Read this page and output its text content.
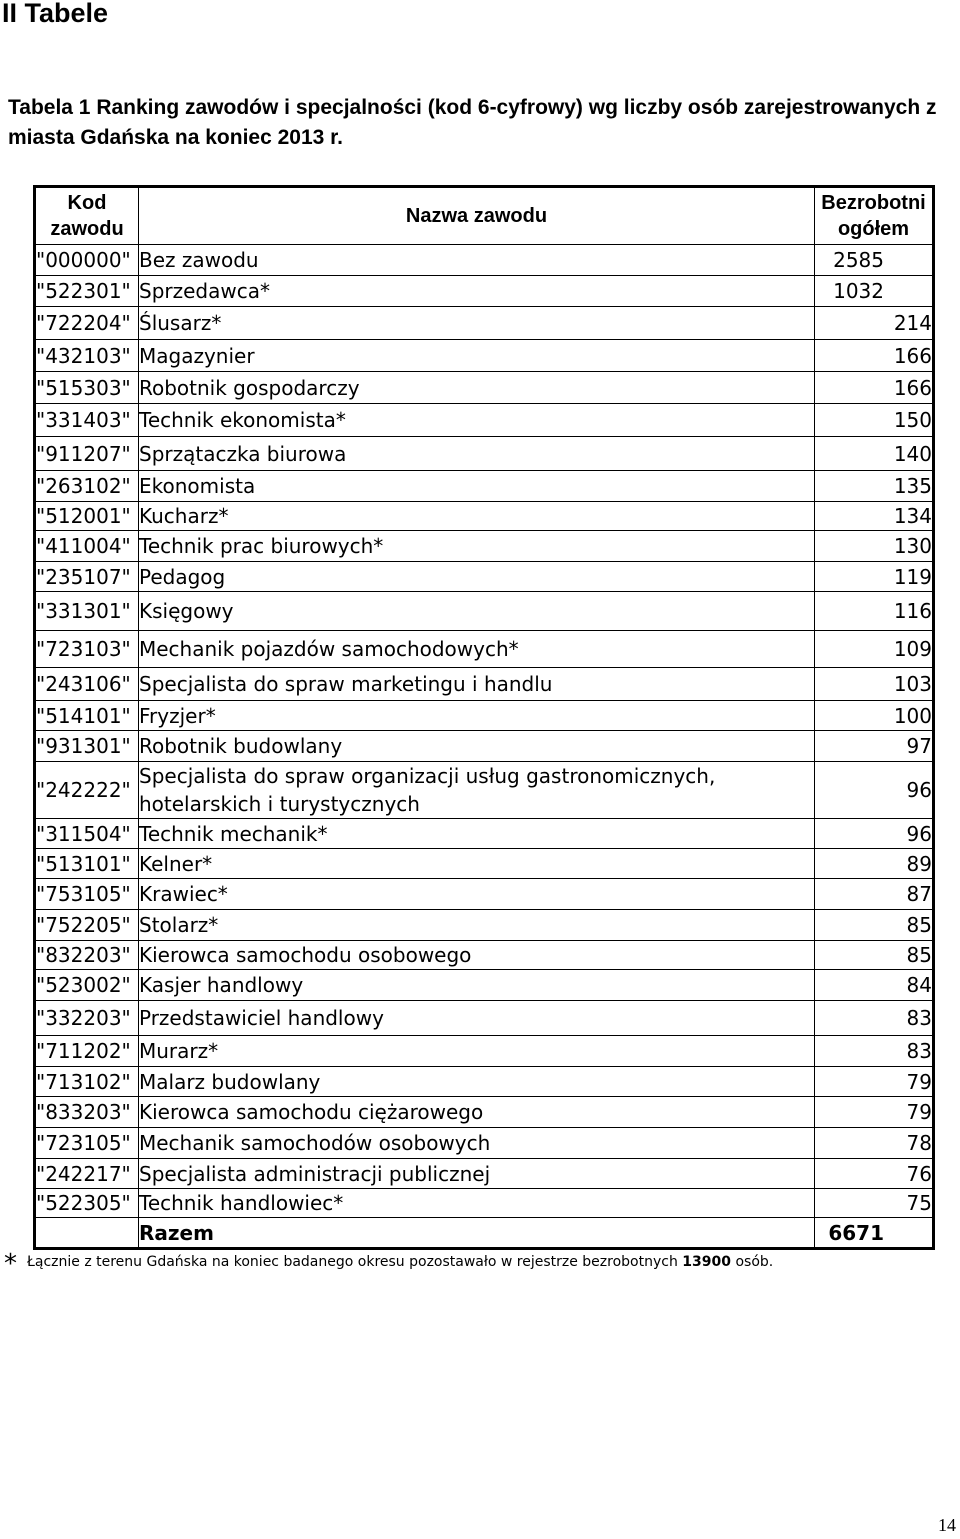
II Tabele

Tabela 1 Ranking zawodów i specjalności (kod 6-cyfrowy) wg liczby osób zarejestrowanych z miasta Gdańska na koniec 2013 r.

Kod zawodu	Nazwa zawodu	Bezrobotni ogółem
"000000"	Bez zawodu	2585
"522301"	Sprzedawca*	1032
"722204"	Ślusarz*	214
"432103"	Magazynier	166
"515303"	Robotnik gospodarczy	166
"331403"	Technik ekonomista*	150
"911207"	Sprzątaczka biurowa	140
"263102"	Ekonomista	135
"512001"	Kucharz*	134
"411004"	Technik prac biurowych*	130
"235107"	Pedagog	119
"331301"	Księgowy	116
"723103"	Mechanik pojazdów samochodowych*	109
"243106"	Specjalista do spraw marketingu i handlu	103
"514101"	Fryzjer*	100
"931301"	Robotnik budowlany	97
"242222"	Specjalista do spraw organizacji usług gastronomicznych, hotelarskich i turystycznych	96
"311504"	Technik mechanik*	96
"513101"	Kelner*	89
"753105"	Krawiec*	87
"752205"	Stolarz*	85
"832203"	Kierowca samochodu osobowego	85
"523002"	Kasjer handlowy	84
"332203"	Przedstawiciel handlowy	83
"711202"	Murarz*	83
"713102"	Malarz budowlany	79
"833203"	Kierowca samochodu ciężarowego	79
"723105"	Mechanik samochodów osobowych	78
"242217"	Specjalista administracji publicznej	76
"522305"	Technik handlowiec*	75
	Razem	6671
* Łącznie z terenu Gdańska na koniec badanego okresu pozostawało w rejestrze bezrobotnych 13900 osób.
14
